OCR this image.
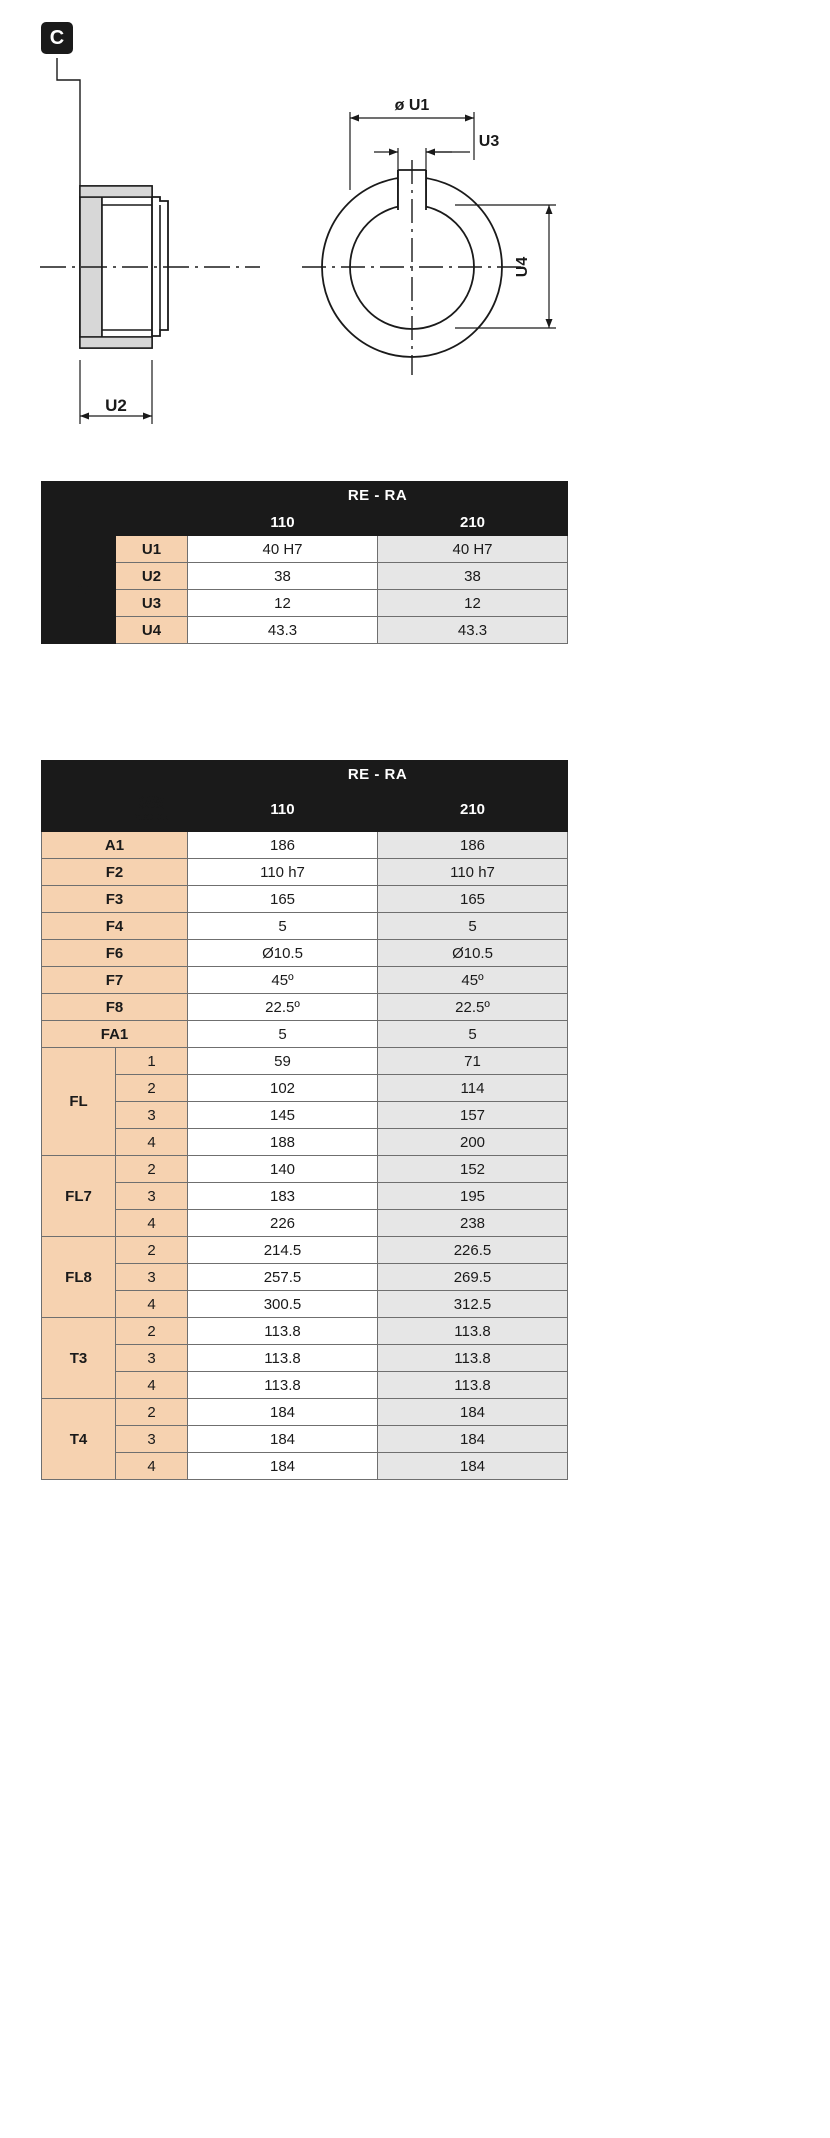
C
U2
ø U1
U3
U4
		RE - RA	
		110	210
FC	U1	40 H7	40 H7
	U2	38	38
	U3	12	12
	U4	43.3	43.3
		RE - RA	

	级数
stages	110	210
A1		186	186
F2		110 h7	110 h7
F3		165	165
F4		5	5
F6		Ø10.5	Ø10.5
F7		45º	45º
F8		22.5º	22.5º
FA1		5	5
FL	1	59	71
	2	102	114
	3	145	157
	4	188	200
FL7	2	140	152
	3	183	195
	4	226	238
FL8	2	214.5	226.5
	3	257.5	269.5
	4	300.5	312.5
T3	2	113.8	113.8
	3	113.8	113.8
	4	113.8	113.8
T4	2	184	184
	3	184	184
	4	184	184
